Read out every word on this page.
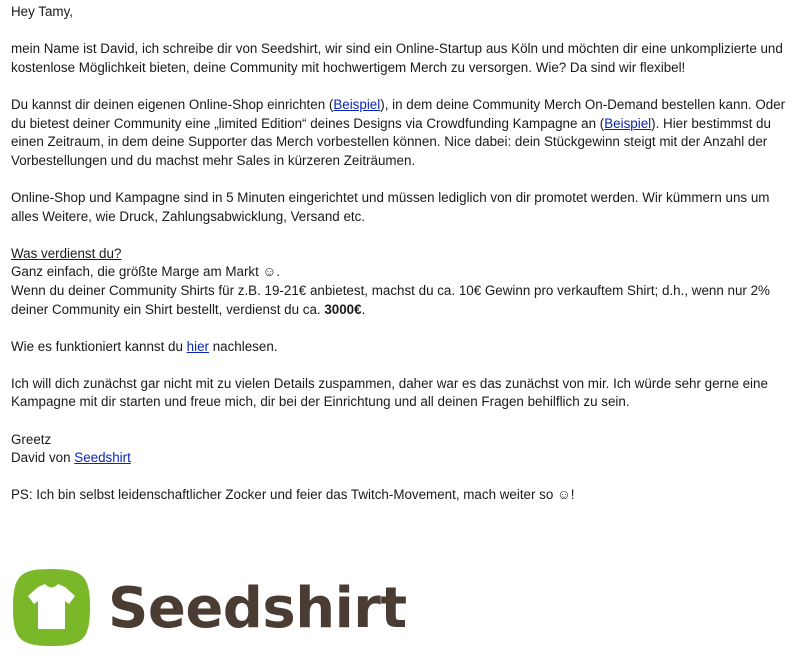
Hey Tamy,

mein Name ist David, ich schreibe dir von Seedshirt, wir sind ein Online-Startup aus Köln und möchten dir eine unkomplizierte und kostenlose Möglichkeit bieten, deine Community mit hochwertigem Merch zu versorgen. Wie? Da sind wir flexibel!

Du kannst dir deinen eigenen Online-Shop einrichten (Beispiel), in dem deine Community Merch On-Demand bestellen kann. Oder du bietest deiner Community eine „limited Edition“ deines Designs via Crowdfunding Kampagne an (Beispiel). Hier bestimmst du einen Zeitraum, in dem deine Supporter das Merch vorbestellen können. Nice dabei: dein Stückgewinn steigt mit der Anzahl der Vorbestellungen und du machst mehr Sales in kürzeren Zeiträumen.

Online-Shop und Kampagne sind in 5 Minuten eingerichtet und müssen lediglich von dir promotet werden. Wir kümmern uns um alles Weitere, wie Druck, Zahlungsabwicklung, Versand etc.

Was verdienst du?

Ganz einfach, die größte Marge am Markt ☺.

Wenn du deiner Community Shirts für z.B. 19-21€ anbietest, machst du ca. 10€ Gewinn pro verkauftem Shirt; d.h., wenn nur 2% deiner Community ein Shirt bestellt, verdienst du ca. 3000€.

Wie es funktioniert kannst du hier nachlesen.

Ich will dich zunächst gar nicht mit zu vielen Details zuspammen, daher war es das zunächst von mir. Ich würde sehr gerne eine Kampagne mit dir starten und freue mich, dir bei der Einrichtung und all deinen Fragen behilflich zu sein.

Greetz

David von Seedshirt

PS: Ich bin selbst leidenschaftlicher Zocker und feier das Twitch-Movement, mach weiter so ☺!

Seedshirt
